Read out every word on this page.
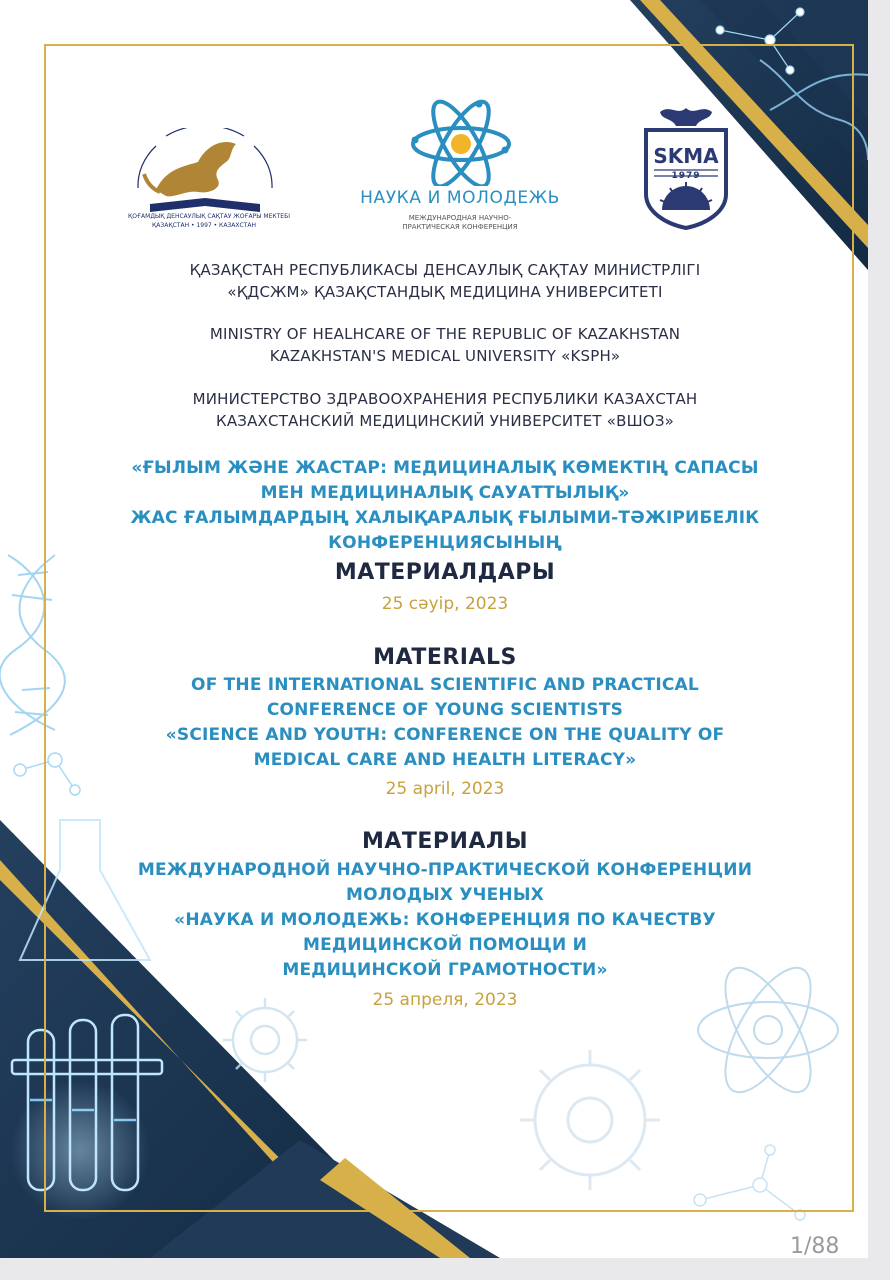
ҚОҒАМДЫҚ ДЕНСАУЛЫҚ САҚТАУ ЖОҒАРЫ МЕКТЕБІ
ҚАЗАҚСТАН • 1997 • КАЗАХСТАН
НАУКА И МОЛОДЕЖЬ
МЕЖДУНАРОДНАЯ НАУЧНО-
ПРАКТИЧЕСКАЯ КОНФЕРЕНЦИЯ
SKMA
1979
ҚАЗАҚСТАН РЕСПУБЛИКАСЫ ДЕНСАУЛЫҚ САҚТАУ МИНИСТРЛІГІ
«ҚДСЖМ» ҚАЗАҚСТАНДЫҚ МЕДИЦИНА УНИВЕРСИТЕТІ
MINISTRY OF HEALHCARE OF THE REPUBLIC OF KAZAKHSTAN
KAZAKHSTAN'S MEDICAL UNIVERSITY «KSPH»
МИНИСТЕРСТВО ЗДРАВООХРАНЕНИЯ РЕСПУБЛИКИ КАЗАХСТАН
КАЗАХСТАНСКИЙ МЕДИЦИНСКИЙ УНИВЕРСИТЕТ «ВШОЗ»
«ҒЫЛЫМ ЖӘНЕ ЖАСТАР: МЕДИЦИНАЛЫҚ КӨМЕКТІҢ САПАСЫ
МЕН МЕДИЦИНАЛЫҚ САУАТТЫЛЫҚ»
ЖАС ҒАЛЫМДАРДЫҢ ХАЛЫҚАРАЛЫҚ ҒЫЛЫМИ-ТӘЖІРИБЕЛІК
КОНФЕРЕНЦИЯСЫНЫҢ
МАТЕРИАЛДАРЫ
25 сәуір, 2023
MATERIALS
OF THE INTERNATIONAL SCIENTIFIC AND PRACTICAL
CONFERENCE OF YOUNG SCIENTISTS
«SCIENCE AND YOUTH: CONFERENCE ON THE QUALITY OF
MEDICAL CARE AND HEALTH LITERACY»
25 april, 2023
МАТЕРИАЛЫ
МЕЖДУНАРОДНОЙ НАУЧНО-ПРАКТИЧЕСКОЙ КОНФЕРЕНЦИИ
МОЛОДЫХ УЧЕНЫХ
«НАУКА И МОЛОДЕЖЬ: КОНФЕРЕНЦИЯ ПО КАЧЕСТВУ
МЕДИЦИНСКОЙ ПОМОЩИ И
МЕДИЦИНСКОЙ ГРАМОТНОСТИ»
25 апреля, 2023
1/88
